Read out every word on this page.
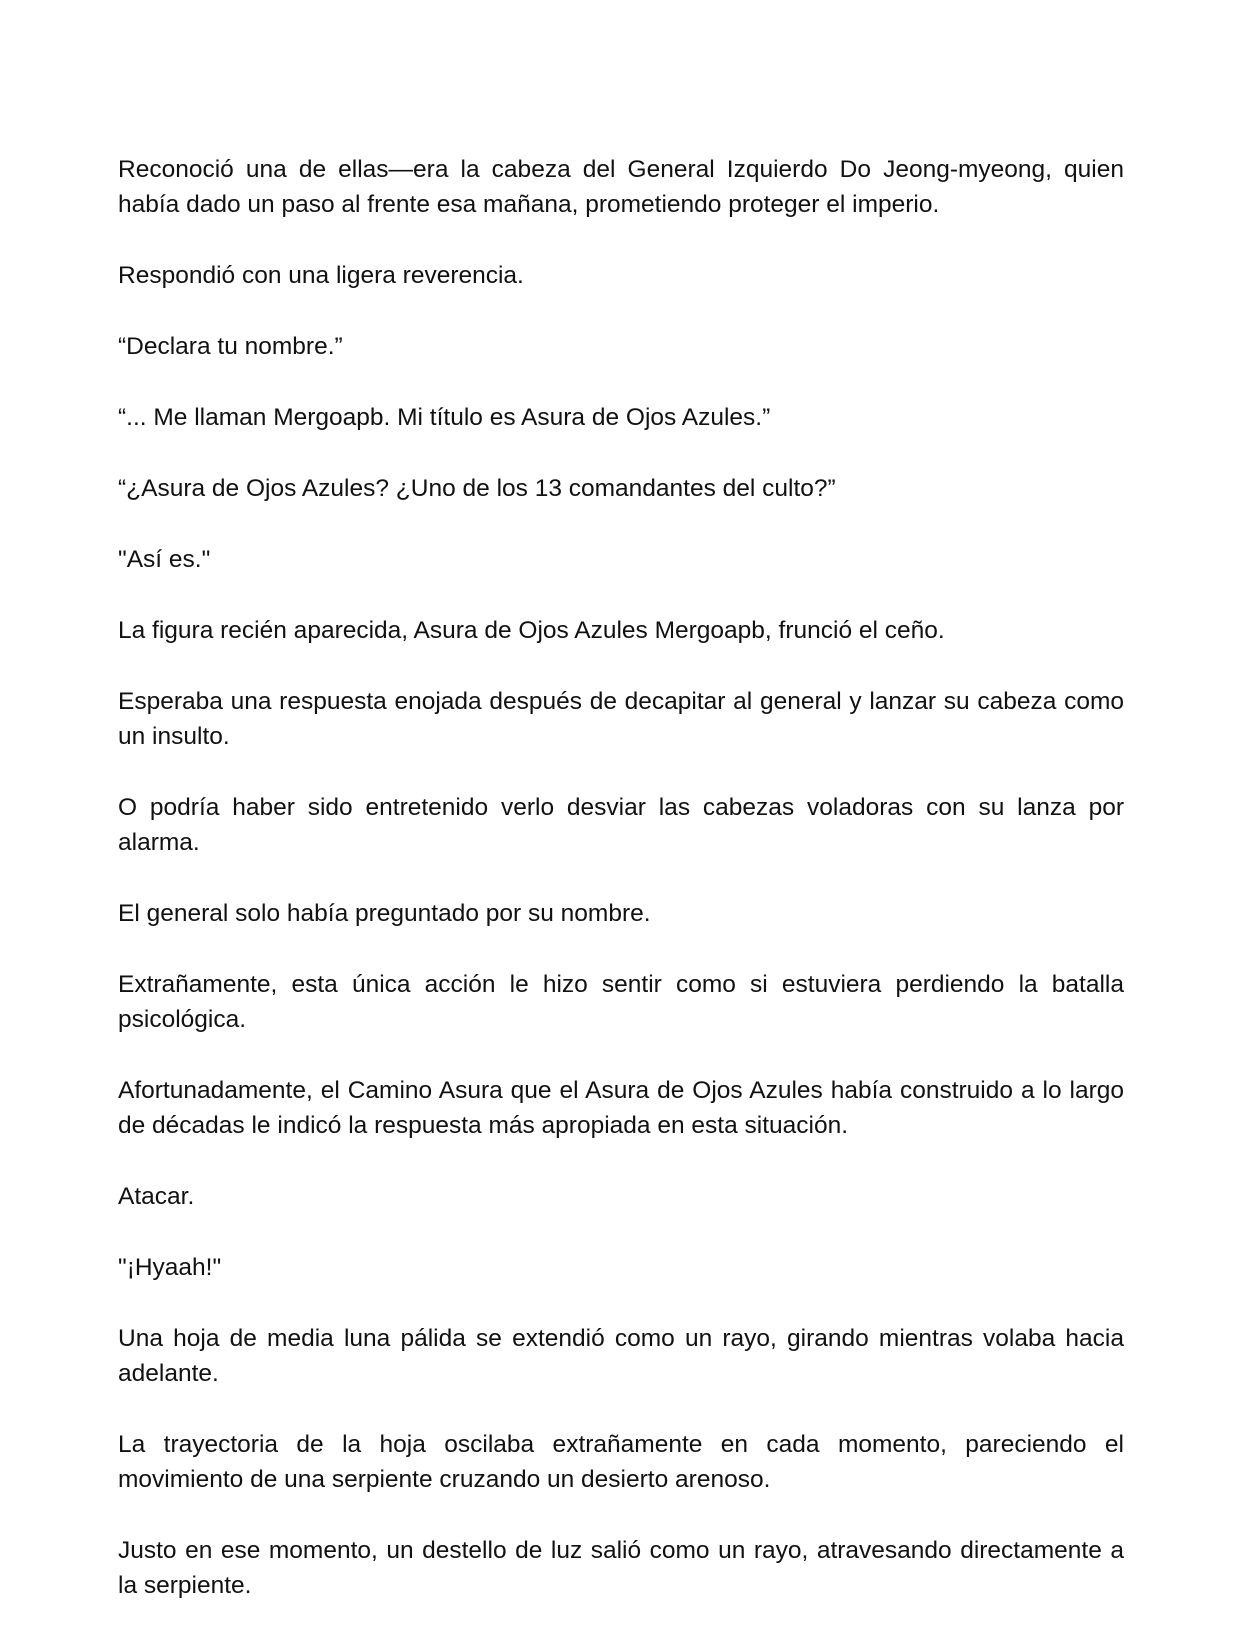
Reconoció una de ellas—era la cabeza del General Izquierdo Do Jeong-myeong, quien había dado un paso al frente esa mañana, prometiendo proteger el imperio.

Respondió con una ligera reverencia.

“Declara tu nombre.”

“... Me llaman Mergoapb. Mi título es Asura de Ojos Azules.”

“¿Asura de Ojos Azules? ¿Uno de los 13 comandantes del culto?”

"Así es."

La figura recién aparecida, Asura de Ojos Azules Mergoapb, frunció el ceño.

Esperaba una respuesta enojada después de decapitar al general y lanzar su cabeza como un insulto.

O podría haber sido entretenido verlo desviar las cabezas voladoras con su lanza por alarma.

El general solo había preguntado por su nombre.

Extrañamente, esta única acción le hizo sentir como si estuviera perdiendo la batalla psicológica.

Afortunadamente, el Camino Asura que el Asura de Ojos Azules había construido a lo largo de décadas le indicó la respuesta más apropiada en esta situación.

Atacar.

"¡Hyaah!"

Una hoja de media luna pálida se extendió como un rayo, girando mientras volaba hacia adelante.

La trayectoria de la hoja oscilaba extrañamente en cada momento, pareciendo el movimiento de una serpiente cruzando un desierto arenoso.

Justo en ese momento, un destello de luz salió como un rayo, atravesando directamente a la serpiente.
